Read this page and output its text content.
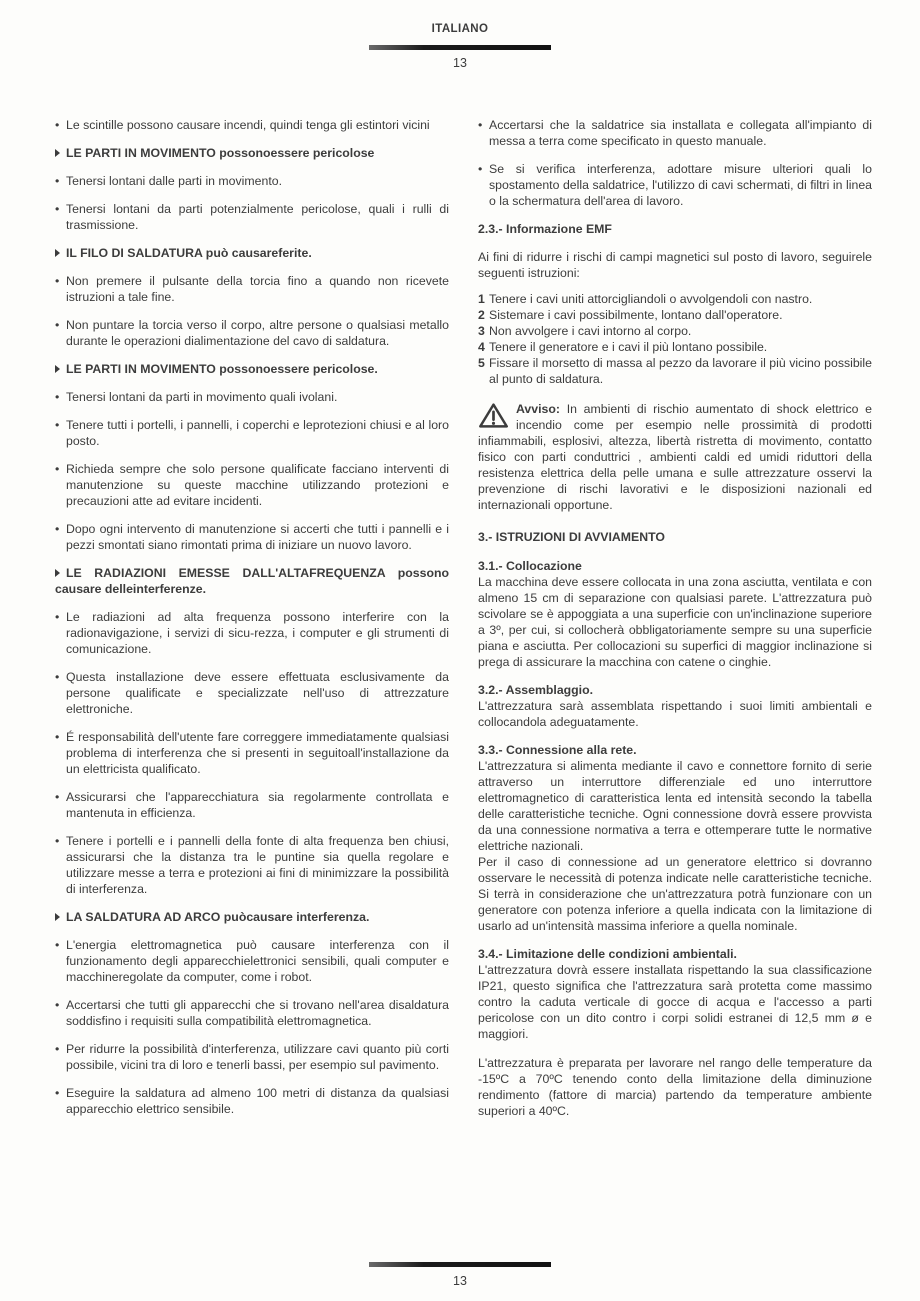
ITALIANO
13

• Le scintille possono causare incendi, quindi tenga gli estintori vicini

LE PARTI IN MOVIMENTO possonoessere pericolose

• Tenersi lontani dalle parti in movimento.

• Tenersi lontani da parti potenzialmente pericolose, quali i rulli di trasmissione.

IL FILO DI SALDATURA può causareferite.

• Non premere il pulsante della torcia fino a quando non ricevete istruzioni a tale fine.

• Non puntare la torcia verso il corpo, altre persone o qualsiasi metallo durante le operazioni dialimentazione del cavo di saldatura.

LE PARTI IN MOVIMENTO possonoessere pericolose.

• Tenersi lontani da parti in movimento quali ivolani.

• Tenere tutti i portelli, i pannelli, i coperchi e leprotezioni chiusi e al loro posto.

• Richieda sempre che solo persone qualificate facciano interventi di manutenzione su queste macchine utilizzando protezioni e precauzioni atte ad evitare incidenti.

• Dopo ogni intervento di manutenzione si accerti che tutti i pannelli e i pezzi smontati siano rimontati prima di iniziare un nuovo lavoro.

LE RADIAZIONI EMESSE DALL'ALTAFREQUENZA possono causare delleinterferenze.

• Le radiazioni ad alta frequenza possono interferire con la radionavigazione, i servizi di sicu-rezza, i computer e gli strumenti di comunicazione.

• Questa installazione deve essere effettuata esclusivamente da persone qualificate e specializzate nell'uso di attrezzature elettroniche.

• É responsabilità dell'utente fare correggere immediatamente qualsiasi problema di interferenza che si presenti in seguitoall'installazione da un elettricista qualificato.

• Assicurarsi che l'apparecchiatura sia regolarmente controllata e mantenuta in efficienza.

• Tenere i portelli e i pannelli della fonte di alta frequenza ben chiusi, assicurarsi che la distanza tra le puntine sia quella regolare e utilizzare messe a terra e protezioni ai fini di minimizzare la possibilità di interferenza.

LA SALDATURA AD ARCO puòcausare interferenza.

• L'energia elettromagnetica può causare interferenza con il funzionamento degli apparecchielettronici sensibili, quali computer e macchineregolate da computer, come i robot.

• Accertarsi che tutti gli apparecchi che si trovano nell'area disaldatura soddisfino i requisiti sulla compatibilità elettromagnetica.

• Per ridurre la possibilità d'interferenza, utilizzare cavi quanto più corti possibile, vicini tra di loro e tenerli bassi, per esempio sul pavimento.

• Eseguire la saldatura ad almeno 100 metri di distanza da qualsiasi apparecchio elettrico sensibile.

• Accertarsi che la saldatrice sia installata e collegata all'impianto di messa a terra come specificato in questo manuale.

• Se si verifica interferenza, adottare misure ulteriori quali lo spostamento della saldatrice, l'utilizzo di cavi schermati, di filtri in linea o la schermatura dell'area di lavoro.

2.3.- Informazione EMF

Ai fini di ridurre i rischi di campi magnetici sul posto di lavoro, seguirele seguenti istruzioni:

1 Tenere i cavi uniti attorcigliandoli o avvolgendoli con nastro.

2 Sistemare i cavi possibilmente, lontano dall'operatore.

3 Non avvolgere i cavi intorno al corpo.

4 Tenere il generatore e i cavi il più lontano possibile.

5 Fissare il morsetto di massa al pezzo da lavorare il più vicino possibile al punto di saldatura.

Avviso: In ambienti di rischio aumentato di shock elettrico e incendio come per esempio nelle prossimità di prodotti infiammabili, esplosivi, altezza, libertà ristretta di movimento, contatto fisico con parti conduttrici , ambienti caldi ed umidi riduttori della resistenza elettrica della pelle umana e sulle attrezzature osservi la prevenzione di rischi lavorativi e le disposizioni nazionali ed internazionali opportune.
3.- ISTRUZIONI DI AVVIAMENTO
3.1.- Collocazione

La macchina deve essere collocata in una zona asciutta, ventilata e con almeno 15 cm di separazione con qualsiasi parete. L'attrezzatura può scivolare se è appoggiata a una superficie con un'inclinazione superiore a 3º, per cui, si collocherà obbligatoriamente sempre su una superficie piana e asciutta. Per collocazioni su superfici di maggior inclinazione si prega di assicurare la macchina con catene o cinghie.

3.2.- Assemblaggio.

L'attrezzatura sarà assemblata rispettando i suoi limiti ambientali e collocandola adeguatamente.

3.3.- Connessione alla rete.

L'attrezzatura si alimenta mediante il cavo e connettore fornito di serie attraverso un interruttore differenziale ed uno interruttore elettromagnetico di caratteristica lenta ed intensità secondo la tabella delle caratteristiche tecniche. Ogni connessione dovrà essere provvista da una connessione normativa a terra e ottemperare tutte le normative elettriche nazionali.

Per il caso di connessione ad un generatore elettrico si dovranno osservare le necessità di potenza indicate nelle caratteristiche tecniche. Si terrà in considerazione che un'attrezzatura potrà funzionare con un generatore con potenza inferiore a quella indicata con la limitazione di usarlo ad un'intensità massima inferiore a quella nominale.

3.4.- Limitazione delle condizioni ambientali.

L'attrezzatura dovrà essere installata rispettando la sua classificazione IP21, questo significa che l'attrezzatura sarà protetta come massimo contro la caduta verticale di gocce di acqua e l'accesso a parti pericolose con un dito contro i corpi solidi estranei di 12,5 mm ø e maggiori.

L'attrezzatura è preparata per lavorare nel rango delle temperature da -15ºC a 70ºC tenendo conto della limitazione della diminuzione rendimento (fattore di marcia) partendo da temperature ambiente superiori a 40ºC.

13
